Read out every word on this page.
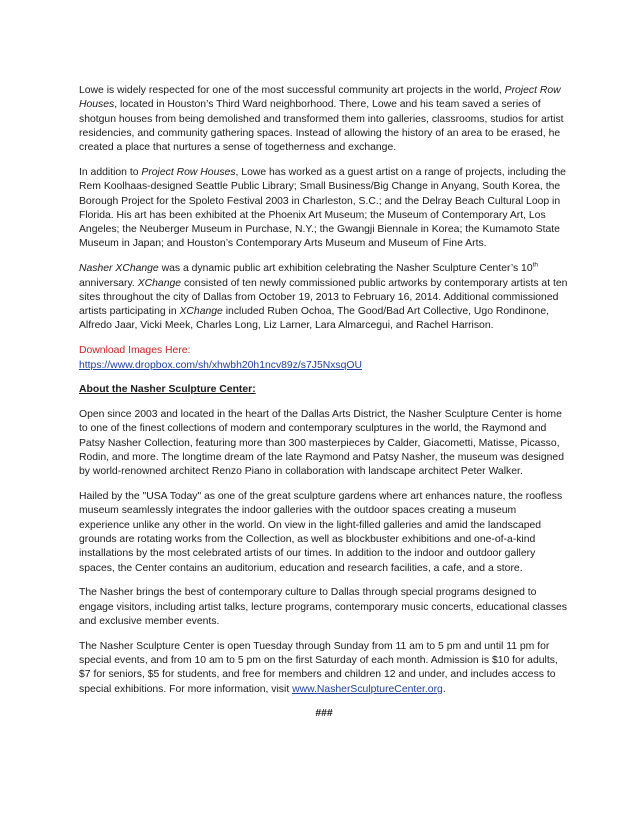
Lowe is widely respected for one of the most successful community art projects in the world, Project Row Houses, located in Houston’s Third Ward neighborhood. There, Lowe and his team saved a series of shotgun houses from being demolished and transformed them into galleries, classrooms, studios for artist residencies, and community gathering spaces. Instead of allowing the history of an area to be erased, he created a place that nurtures a sense of togetherness and exchange.

In addition to Project Row Houses, Lowe has worked as a guest artist on a range of projects, including the Rem Koolhaas-designed Seattle Public Library; Small Business/Big Change in Anyang, South Korea, the Borough Project for the Spoleto Festival 2003 in Charleston, S.C.; and the Delray Beach Cultural Loop in Florida. His art has been exhibited at the Phoenix Art Museum; the Museum of Contemporary Art, Los Angeles; the Neuberger Museum in Purchase, N.Y.; the Gwangji Biennale in Korea; the Kumamoto State Museum in Japan; and Houston’s Contemporary Arts Museum and Museum of Fine Arts.

Nasher XChange was a dynamic public art exhibition celebrating the Nasher Sculpture Center’s 10th anniversary. XChange consisted of ten newly commissioned public artworks by contemporary artists at ten sites throughout the city of Dallas from October 19, 2013 to February 16, 2014. Additional commissioned artists participating in XChange included Ruben Ochoa, The Good/Bad Art Collective, Ugo Rondinone, Alfredo Jaar, Vicki Meek, Charles Long, Liz Larner, Lara Almarcegui, and Rachel Harrison.

Download Images Here:
https://www.dropbox.com/sh/xhwbh20h1ncv89z/s7J5NxsqOU

About the Nasher Sculpture Center:

Open since 2003 and located in the heart of the Dallas Arts District, the Nasher Sculpture Center is home to one of the finest collections of modern and contemporary sculptures in the world, the Raymond and Patsy Nasher Collection, featuring more than 300 masterpieces by Calder, Giacometti, Matisse, Picasso, Rodin, and more. The longtime dream of the late Raymond and Patsy Nasher, the museum was designed by world-renowned architect Renzo Piano in collaboration with landscape architect Peter Walker.

Hailed by the "USA Today" as one of the great sculpture gardens where art enhances nature, the roofless museum seamlessly integrates the indoor galleries with the outdoor spaces creating a museum experience unlike any other in the world. On view in the light-filled galleries and amid the landscaped grounds are rotating works from the Collection, as well as blockbuster exhibitions and one-of-a-kind installations by the most celebrated artists of our times. In addition to the indoor and outdoor gallery spaces, the Center contains an auditorium, education and research facilities, a cafe, and a store.

The Nasher brings the best of contemporary culture to Dallas through special programs designed to engage visitors, including artist talks, lecture programs, contemporary music concerts, educational classes and exclusive member events.

The Nasher Sculpture Center is open Tuesday through Sunday from 11 am to 5 pm and until 11 pm for special events, and from 10 am to 5 pm on the first Saturday of each month. Admission is $10 for adults, $7 for seniors, $5 for students, and free for members and children 12 and under, and includes access to special exhibitions. For more information, visit www.NasherSculptureCenter.org.

###
